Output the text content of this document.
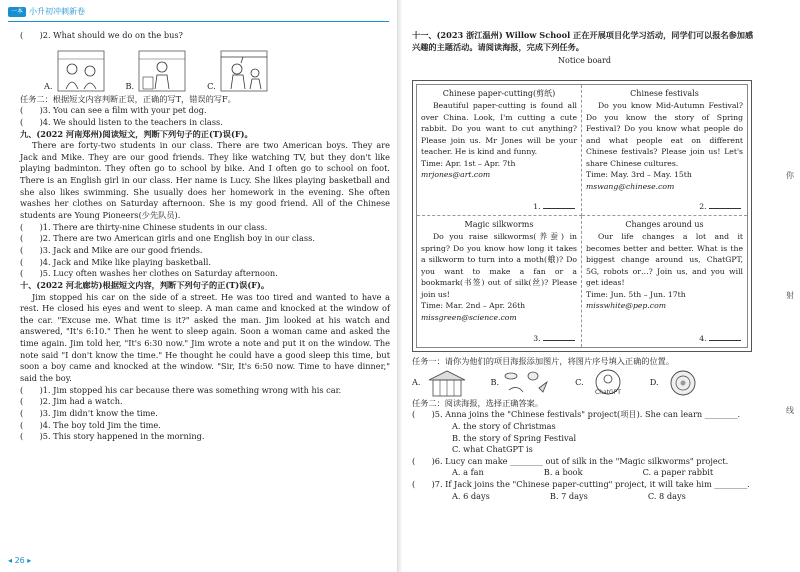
一本 小升初冲刺新卷
(　　)2. What should we do on the bus?
A.	B.	C.
任务二：根据短文内容判断正误，正确的写T，错误的写F。
(　　)3. You can see a film with your pet dog.
(　　)4. We should listen to the teachers in class.
九、(2022 河南郑州)阅读短文，判断下列句子的正(T)误(F)。
There are forty-two students in our class. There are two American boys. They are Jack and Mike. They are our good friends. They like watching TV, but they don't like playing badminton. They often go to school by bike. And I often go to school on foot. There is an English girl in our class. Her name is Lucy. She likes playing basketball and she also likes swimming. She usually does her homework in the evening. She often washes her clothes on Saturday afternoon. She is my good friend. All of the Chinese students are Young Pioneers(少先队员).
(　　)1. There are thirty-nine Chinese students in our class.
(　　)2. There are two American girls and one English boy in our class.
(　　)3. Jack and Mike are our good friends.
(　　)4. Jack and Mike like playing basketball.
(　　)5. Lucy often washes her clothes on Saturday afternoon.
十、(2022 河北廊坊)根据短文内容，判断下列句子的正(T)误(F)。
Jim stopped his car on the side of a street. He was too tired and wanted to have a rest. He closed his eyes and went to sleep. A man came and knocked at the window of the car. "Excuse me. What time is it?" asked the man. Jim looked at his watch and answered, "It's 6:10." Then he went to sleep again. Soon a woman came and asked the time again. Jim told her, "It's 6:30 now." Jim wrote a note and put it on the window. The note said "I don't know the time." He thought he could have a good sleep this time, but soon a boy came and knocked at the window. "Sir, It's 6:50 now. Time to have dinner," said the boy.
(　　)1. Jim stopped his car because there was something wrong with his car.
(　　)2. Jim had a watch.
(　　)3. Jim didn't know the time.
(　　)4. The boy told Jim the time.
(　　)5. This story happened in the morning.
◂ 26 ▸
十一、(2023 浙江温州) Willow School 正在开展项目化学习活动，同学们可以报名参加感兴趣的主题活动。请阅读海报，完成下列任务。
Notice board
Chinese paper-cutting(剪纸)
Beautiful paper-cutting is found all over China. Look, I'm cutting a cute rabbit. Do you want to cut anything? Please join us. Mr Jones will be your teacher. He is kind and funny.
Time: Apr. 1st – Apr. 7th
mrjones@art.com
1.
Chinese festivals
Do you know Mid-Autumn Festival? Do you know the story of Spring Festival? Do you know what people do and what people eat on different Chinese festivals? Please join us! Let's share Chinese cultures.
Time: May. 3rd – May. 15th
mswang@chinese.com
2.
Magic silkworms
Do you raise silkworms(养蚕) in spring? Do you know how long it takes a silkworm to turn into a moth(蛾)? Do you want to make a fan or a bookmark(书签) out of silk(丝)? Please join us!
Time: Mar. 2nd – Apr. 26th
missgreen@science.com
3.
Changes around us
Our life changes a lot and it becomes better and better. What is the biggest change around us, ChatGPT, 5G, robots or…? Join us, and you will get ideas!
Time: Jun. 5th – Jun. 17th
misswhite@pep.com
4.
任务一：请你为他们的项目海报添加图片，将图片序号填入正确的位置。
A.	B.	C.
ChatGPT
D.
任务二：阅读海报，选择正确答案。
(　　)5. Anna joins the "Chinese festivals" project(项目). She can learn ________.
A. the story of Christmas
B. the story of Spring Festival
C. what ChatGPT is
(　　)6. Lucy can make ________ out of silk in the "Magic silkworms" project.
A. a fan	B. a book	C. a paper rabbit
(　　)7. If Jack joins the "Chinese paper-cutting" project, it will take him ________.
A. 6 days	B. 7 days	C. 8 days
你
射
线
